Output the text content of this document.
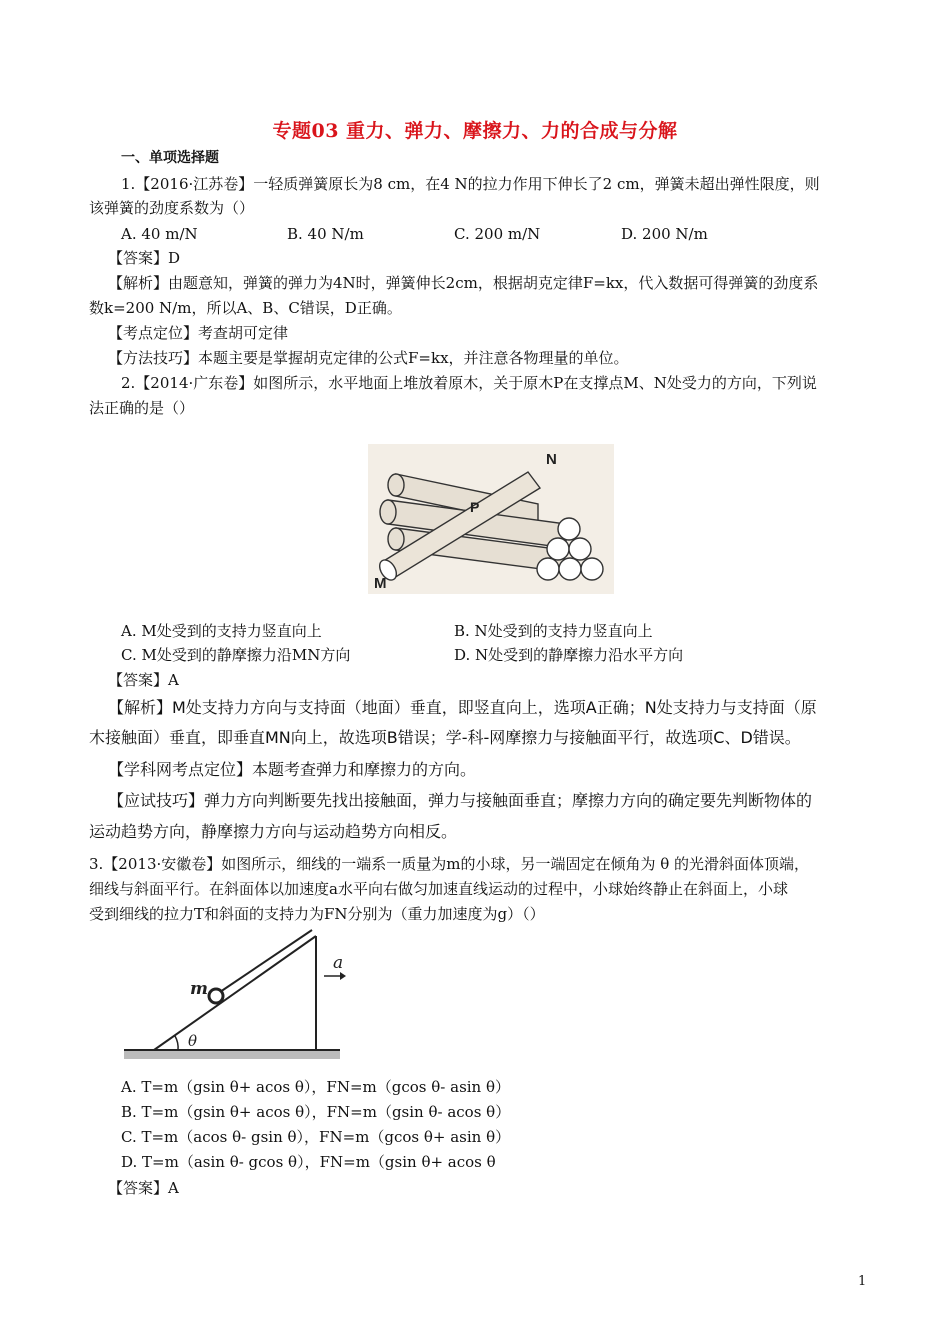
专题03 重力、弹力、摩擦力、力的合成与分解
一、单项选择题
1.【2016·江苏卷】一轻质弹簧原长为8 cm，在4 N的拉力作用下伸长了2 cm，弹簧未超出弹性限度，则
该弹簧的劲度系数为（）
A. 40 m/N	B. 40 N/m	C. 200 m/N	D. 200 N/m
【答案】D
【解析】由题意知，弹簧的弹力为4N时，弹簧伸长2cm，根据胡克定律F=kx，代入数据可得弹簧的劲度系
数k=200 N/m，所以A、B、C错误，D正确。
【考点定位】考查胡可定律
【方法技巧】本题主要是掌握胡克定律的公式F=kx，并注意各物理量的单位。
2.【2014·广东卷】如图所示，水平地面上堆放着原木，关于原木P在支撑点M、N处受力的方向，下列说
法正确的是（）
N
P
M
A. M处受到的支持力竖直向上	B. N处受到的支持力竖直向上
C. M处受到的静摩擦力沿MN方向	D. N处受到的静摩擦力沿水平方向
【答案】A
【解析】M处支持力方向与支持面（地面）垂直，即竖直向上，选项A正确；N处支持力与支持面（原
木接触面）垂直，即垂直MN向上，故选项B错误；学-科-网摩擦力与接触面平行，故选项C、D错误。
【学科网考点定位】本题考查弹力和摩擦力的方向。
【应试技巧】弹力方向判断要先找出接触面，弹力与接触面垂直；摩擦力方向的确定要先判断物体的
运动趋势方向，静摩擦力方向与运动趋势方向相反。
3.【2013·安徽卷】如图所示，细线的一端系一质量为m的小球，另一端固定在倾角为 θ 的光滑斜面体顶端，
细线与斜面平行。在斜面体以加速度a水平向右做匀加速直线运动的过程中，小球始终静止在斜面上，小球
受到细线的拉力T和斜面的支持力为FN分别为（重力加速度为g）（）
θ
m
a
A. T=m（gsin θ+ acos θ），FN=m（gcos θ- asin θ）
B. T=m（gsin θ+ acos θ），FN=m（gsin θ- acos θ）
C. T=m（acos θ- gsin θ），FN=m（gcos θ+ asin θ）
D. T=m（asin θ- gcos θ），FN=m（gsin θ+ acos θ
【答案】A
1
